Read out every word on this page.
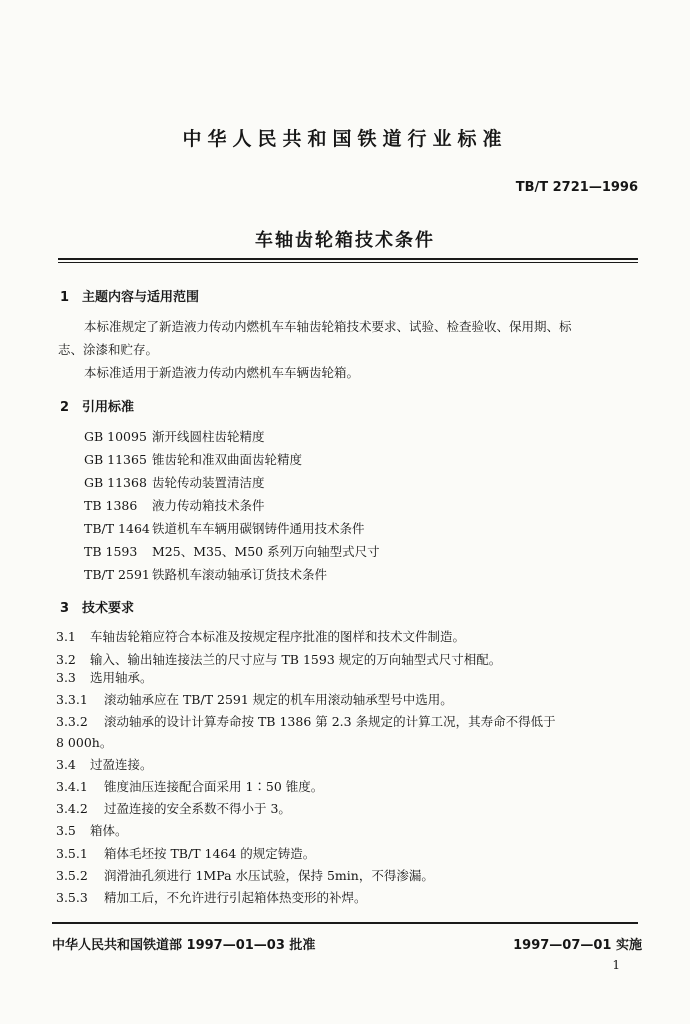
中华人民共和国铁道行业标准
TB/T 2721—1996
车轴齿轮箱技术条件
1　主题内容与适用范围
本标准规定了新造液力传动内燃机车车轴齿轮箱技术要求、试验、检查验收、保用期、标
志、涂漆和贮存。
本标准适用于新造液力传动内燃机车车辆齿轮箱。
2　引用标准
GB 10095 渐开线圆柱齿轮精度
GB 11365 锥齿轮和准双曲面齿轮精度
GB 11368 齿轮传动装置清洁度
TB 1386 液力传动箱技术条件
TB/T 1464 铁道机车车辆用碳钢铸件通用技术条件
TB 1593 M25、M35、M50 系列万向轴型式尺寸
TB/T 2591 铁路机车滚动轴承订货技术条件
3　技术要求
3.1 车轴齿轮箱应符合本标准及按规定程序批准的图样和技术文件制造。
3.2 输入、输出轴连接法兰的尺寸应与 TB 1593 规定的万向轴型式尺寸相配。
3.3 选用轴承。
3.3.1 滚动轴承应在 TB/T 2591 规定的机车用滚动轴承型号中选用。
3.3.2 滚动轴承的设计计算寿命按 TB 1386 第 2.3 条规定的计算工况，其寿命不得低于
8 000h。
3.4 过盈连接。
3.4.1 锥度油压连接配合面采用 1∶50 锥度。
3.4.2 过盈连接的安全系数不得小于 3。
3.5 箱体。
3.5.1 箱体毛坯按 TB/T 1464 的规定铸造。
3.5.2 润滑油孔须进行 1MPa 水压试验，保持 5min，不得渗漏。
3.5.3 精加工后，不允许进行引起箱体热变形的补焊。
中华人民共和国铁道部 1997—01—03 批准	1997—07—01 实施
1
